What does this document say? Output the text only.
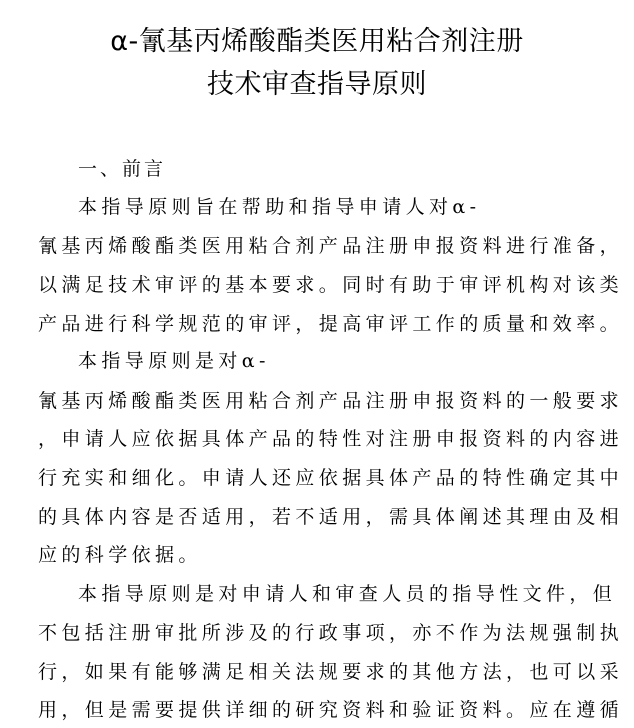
α-氰基丙烯酸酯类医用粘合剂注册
技术审查指导原则
一、前言
本指导原则旨在帮助和指导申请人对α-
氰基丙烯酸酯类医用粘合剂产品注册申报资料进行准备，
以满足技术审评的基本要求。同时有助于审评机构对该类
产品进行科学规范的审评，提高审评工作的质量和效率。
本指导原则是对α-
氰基丙烯酸酯类医用粘合剂产品注册申报资料的一般要求
，申请人应依据具体产品的特性对注册申报资料的内容进
行充实和细化。申请人还应依据具体产品的特性确定其中
的具体内容是否适用，若不适用，需具体阐述其理由及相
应的科学依据。
本指导原则是对申请人和审查人员的指导性文件，但
不包括注册审批所涉及的行政事项，亦不作为法规强制执
行，如果有能够满足相关法规要求的其他方法，也可以采
用，但是需要提供详细的研究资料和验证资料。应在遵循
